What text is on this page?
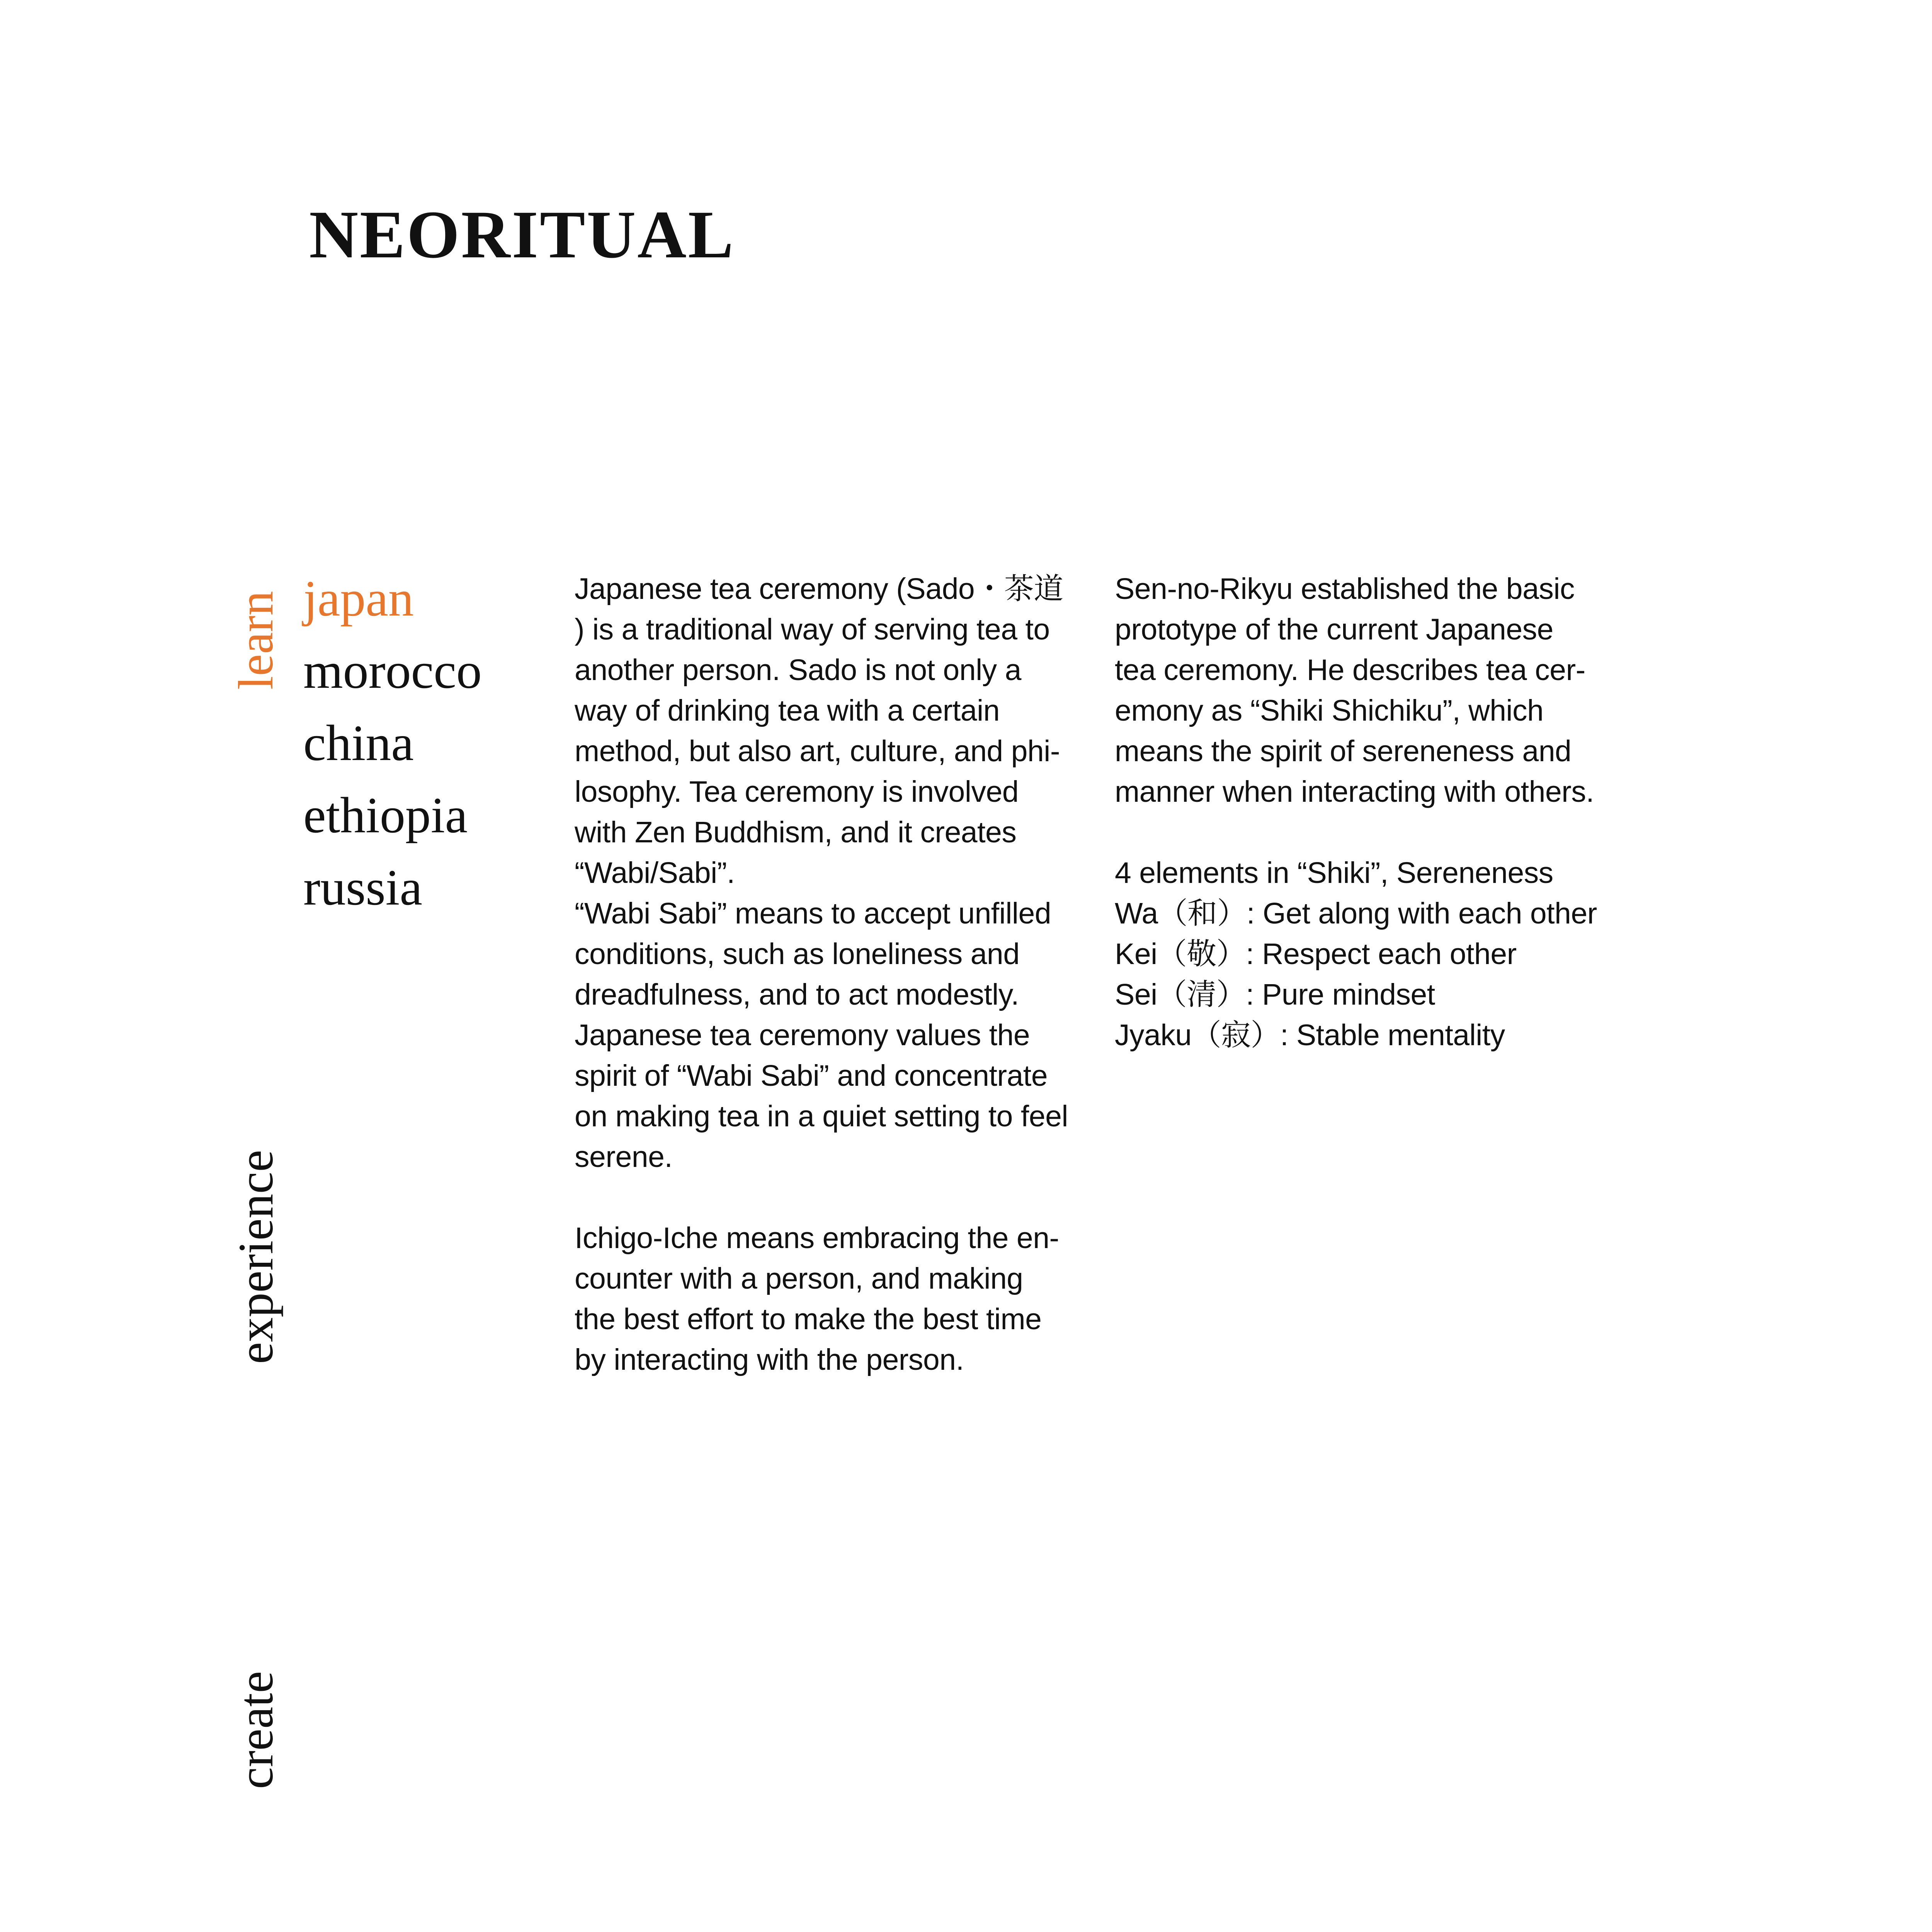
NEORITUAL
learn
experience
create
japan
morocco
china
ethiopia
russia

Japanese tea ceremony (Sado・茶道
) is a traditional way of serving tea to
another person. Sado is not only a
way of drinking tea with a certain
method, but also art, culture, and phi-
losophy. Tea ceremony is involved
with Zen Buddhism, and it creates
“Wabi/Sabi”.
“Wabi Sabi” means to accept unfilled
conditions, such as loneliness and
dreadfulness, and to act modestly.
Japanese tea ceremony values the
spirit of “Wabi Sabi” and concentrate
on making tea in a quiet setting to feel
serene.

Ichigo-Iche means embracing the en-
counter with a person, and making
the best effort to make the best time
by interacting with the person.

Sen-no-Rikyu established the basic
prototype of the current Japanese
tea ceremony. He describes tea cer-
emony as “Shiki Shichiku”, which
means the spirit of sereneness and
manner when interacting with others.

4 elements in “Shiki”, Sereneness

Wa（和）: Get along with each other

Kei（敬）: Respect each other

Sei（清）: Pure mindset

Jyaku（寂）: Stable mentality
